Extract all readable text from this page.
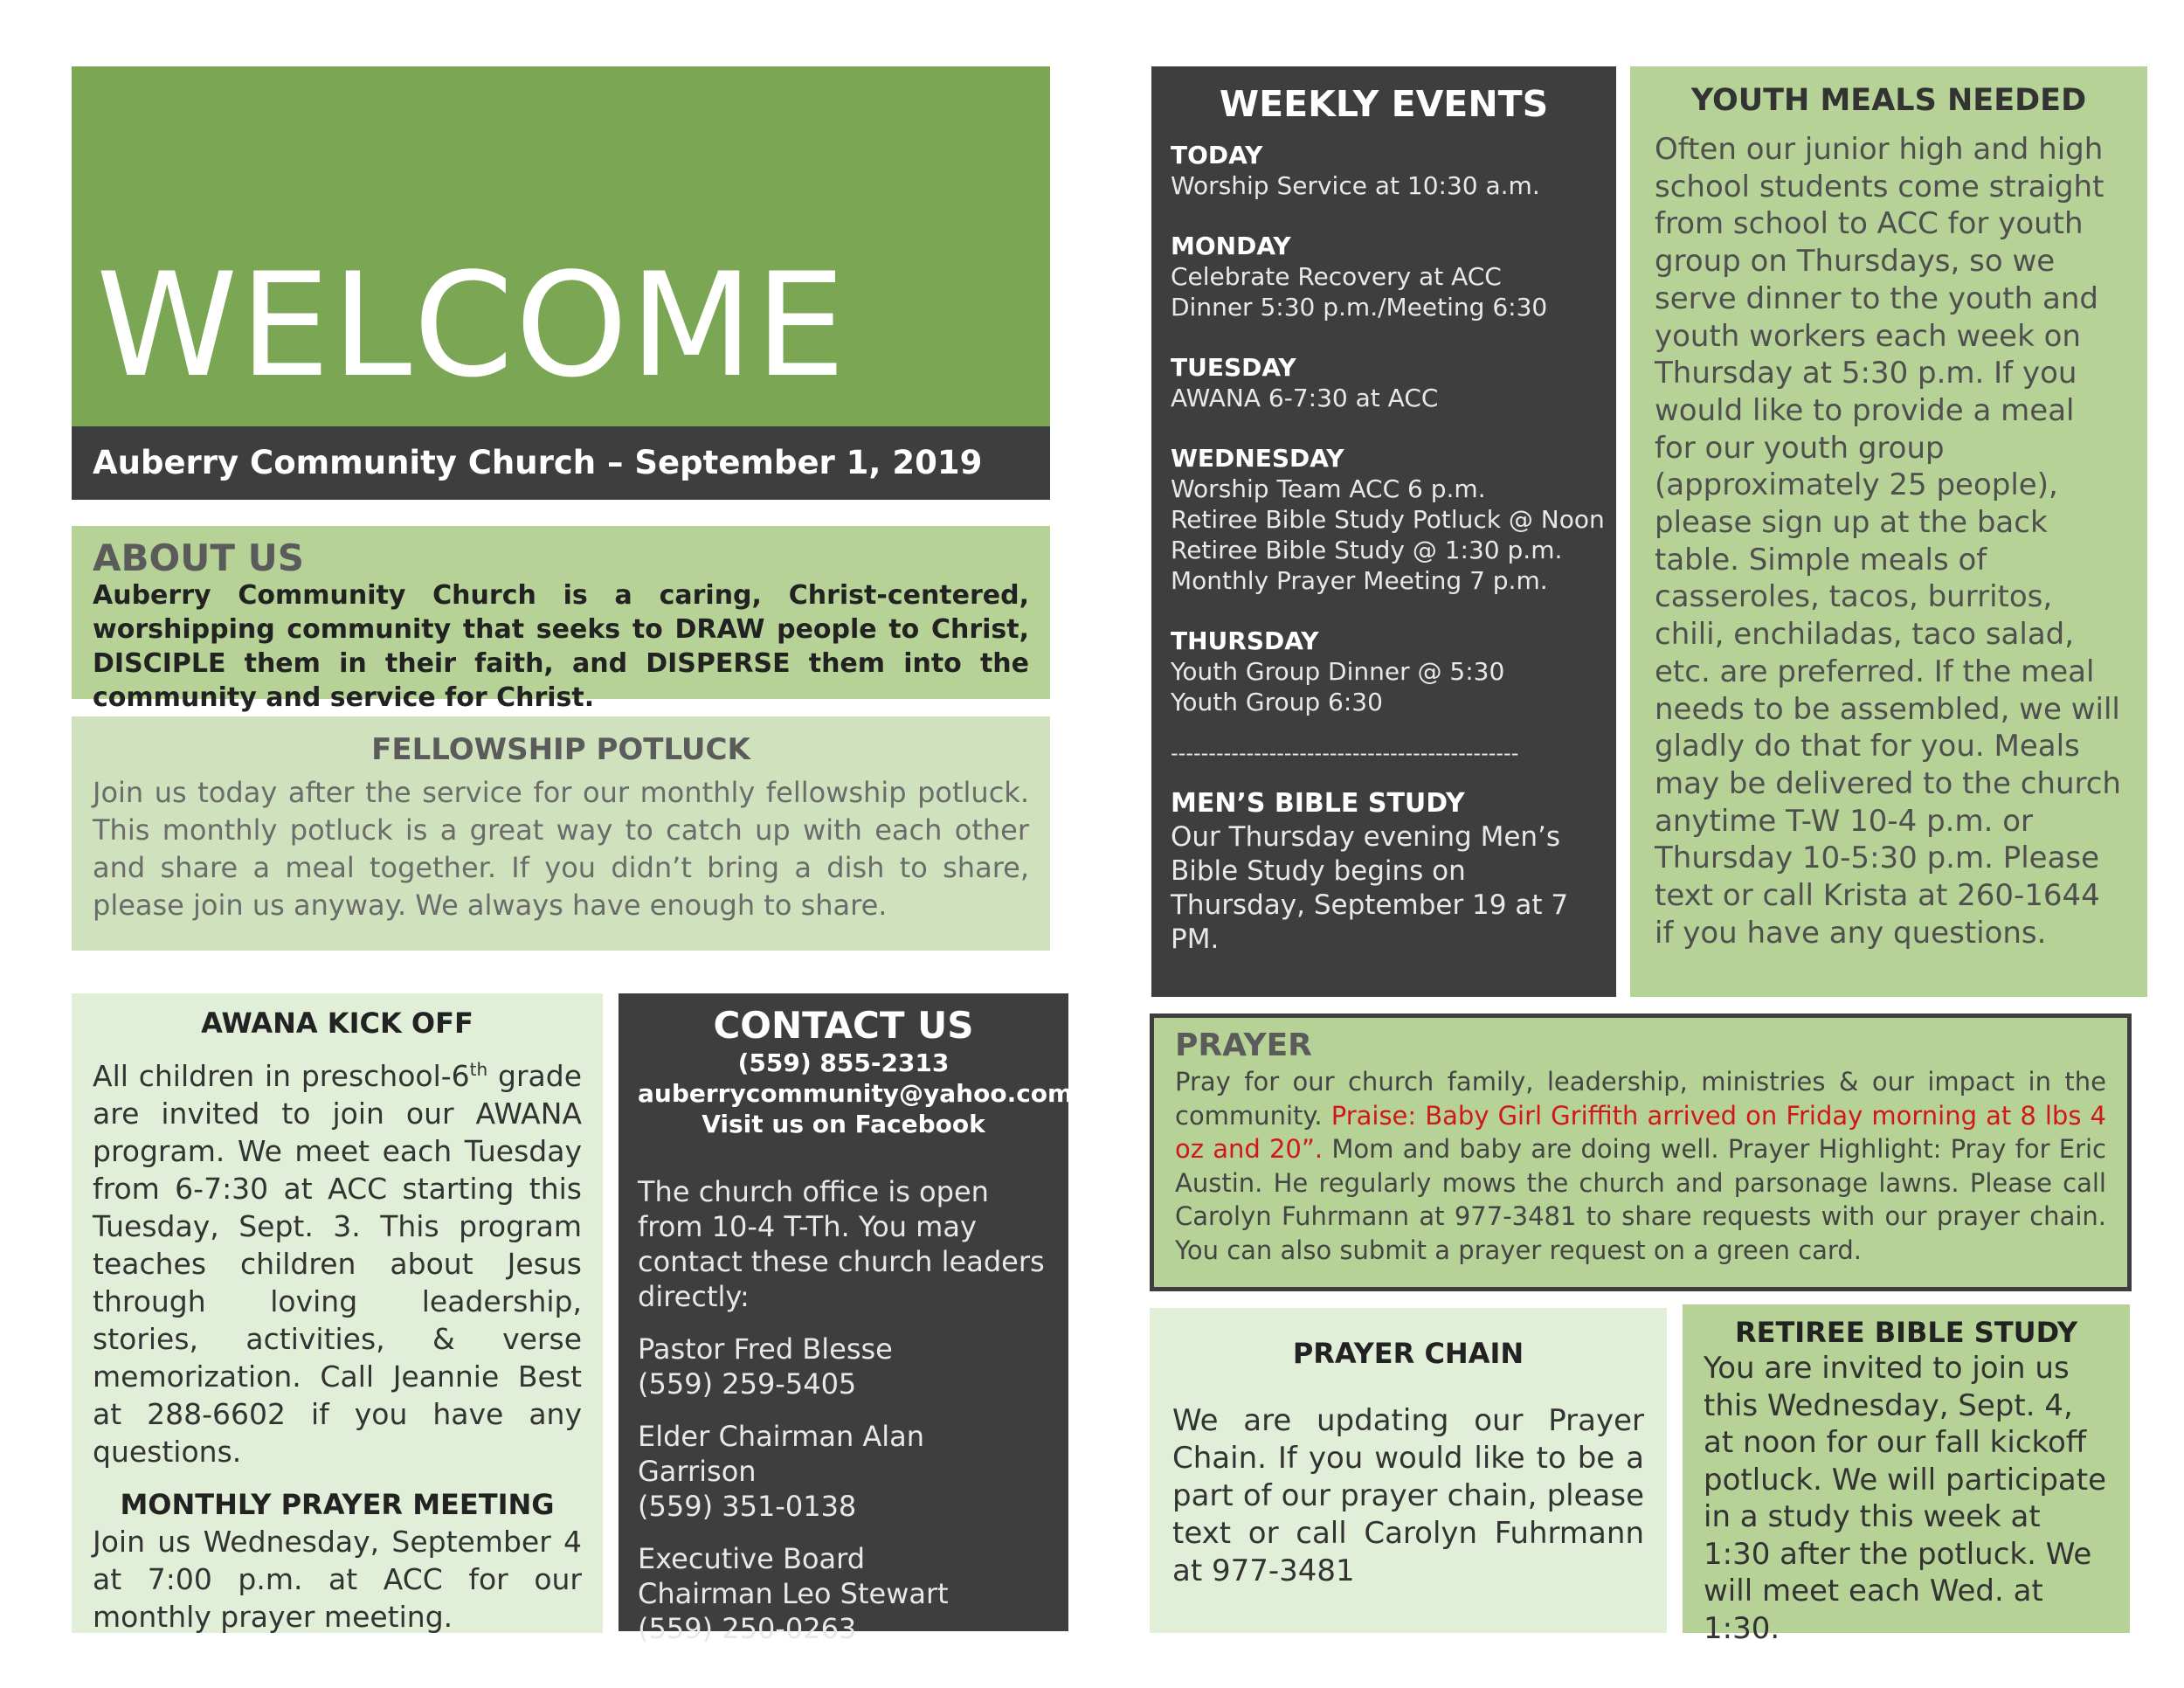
WELCOME
Auberry Community Church – September 1, 2019
ABOUT US

Auberry Community Church is a caring, Christ-centered, worshipping community that seeks to DRAW people to Christ, DISCIPLE them in their faith, and DISPERSE them into the community and service for Christ.

FELLOWSHIP POTLUCK

Join us today after the service for our monthly fellowship potluck. This monthly potluck is a great way to catch up with each other and share a meal together. If you didn’t bring a dish to share, please join us anyway. We always have enough to share.

AWANA KICK OFF

All children in preschool-6th grade are invited to join our AWANA program. We meet each Tuesday from 6-7:30 at ACC starting this Tuesday, Sept. 3. This program teaches children about Jesus through loving leadership, stories, activities, & verse memorization. Call Jeannie Best at 288-6602 if you have any questions.

MONTHLY PRAYER MEETING

Join us Wednesday, September 4 at 7:00 p.m. at ACC for our monthly prayer meeting.

CONTACT US
(559) 855-2313
auberrycommunity@yahoo.com
Visit us on Facebook

The church office is open from 10-4 T-Th. You may contact these church leaders directly:

Pastor Fred Blesse
(559) 259-5405
Elder Chairman Alan Garrison
(559) 351-0138
Executive Board Chairman Leo Stewart
(559) 250-0263
WEEKLY EVENTS
TODAY
Worship Service at 10:30 a.m.
MONDAY
Celebrate Recovery at ACC
Dinner 5:30 p.m./Meeting 6:30
TUESDAY
AWANA 6-7:30 at ACC
WEDNESDAY
Worship Team ACC 6 p.m.
Retiree Bible Study Potluck @ Noon
Retiree Bible Study @ 1:30 p.m.
Monthly Prayer Meeting 7 p.m.
THURSDAY
Youth Group Dinner @ 5:30
Youth Group 6:30
----------------------------------------------
MEN’S BIBLE STUDY

Our Thursday evening Men’s Bible Study begins on Thursday, September 19 at 7 PM.

YOUTH MEALS NEEDED

Often our junior high and high school students come straight from school to ACC for youth group on Thursdays, so we serve dinner to the youth and youth workers each week on Thursday at 5:30 p.m. If you would like to provide a meal for our youth group (approximately 25 people), please sign up at the back table. Simple meals of casseroles, tacos, burritos, chili, enchiladas, taco salad, etc. are preferred. If the meal needs to be assembled, we will gladly do that for you. Meals may be delivered to the church anytime T-W 10-4 p.m. or Thursday 10-5:30 p.m. Please text or call Krista at 260-1644 if you have any questions.

PRAYER

Pray for our church family, leadership, ministries & our impact in the community. Praise: Baby Girl Griffith arrived on Friday morning at 8 lbs 4 oz and 20”. Mom and baby are doing well. Prayer Highlight: Pray for Eric Austin. He regularly mows the church and parsonage lawns. Please call Carolyn Fuhrmann at 977-3481 to share requests with our prayer chain. You can also submit a prayer request on a green card.

PRAYER CHAIN

We are updating our Prayer Chain. If you would like to be a part of our prayer chain, please text or call Carolyn Fuhrmann at 977-3481

RETIREE BIBLE STUDY

You are invited to join us this Wednesday, Sept. 4, at noon for our fall kickoff potluck. We will participate in a study this week at 1:30 after the potluck. We will meet each Wed. at 1:30.
